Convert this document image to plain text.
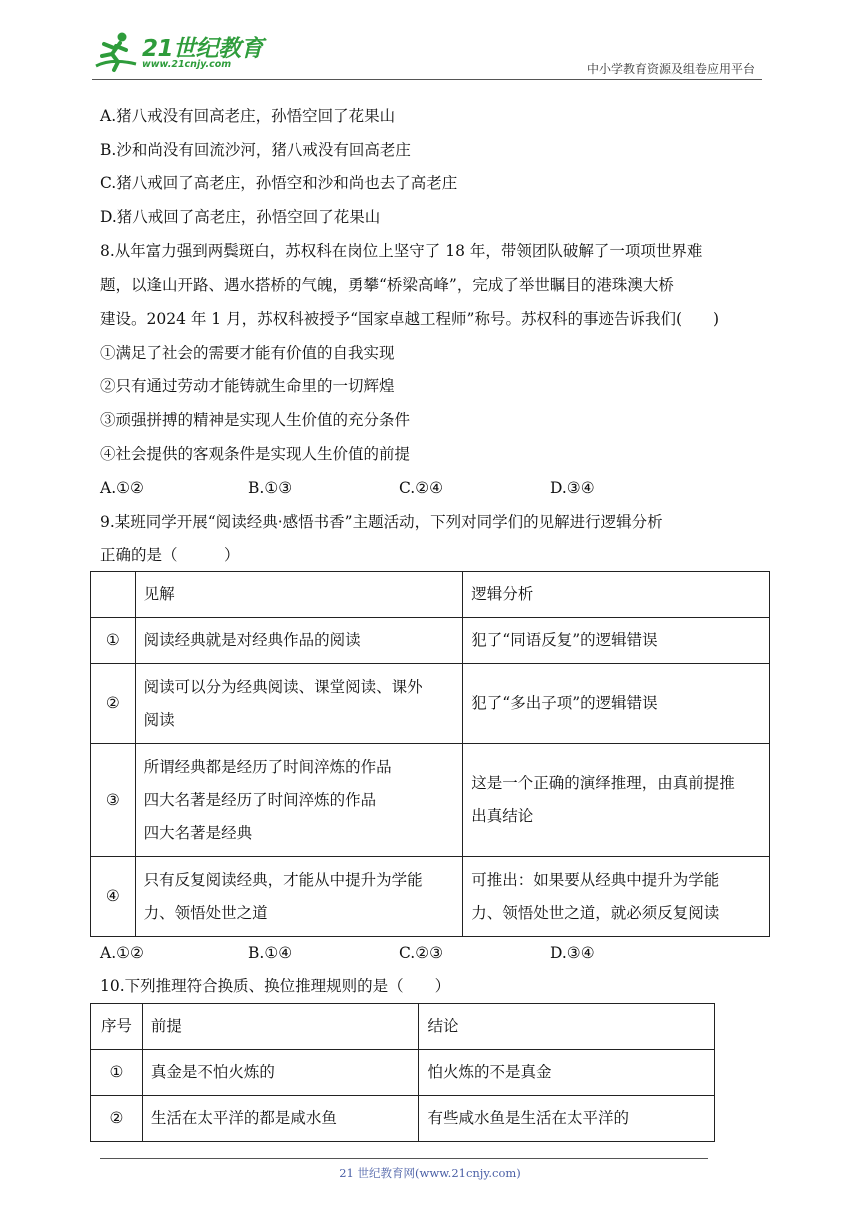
21世纪教育
www.21cnjy.com	中小学教育资源及组卷应用平台
A.猪八戒没有回高老庄，孙悟空回了花果山
B.沙和尚没有回流沙河，猪八戒没有回高老庄
C.猪八戒回了高老庄，孙悟空和沙和尚也去了高老庄
D.猪八戒回了高老庄，孙悟空回了花果山
8.从年富力强到两鬓斑白，苏权科在岗位上坚守了 18 年，带领团队破解了一项项世界难
题，以逢山开路、遇水搭桥的气魄，勇攀“桥梁高峰”，完成了举世瞩目的港珠澳大桥
建设。2024 年 1 月，苏权科被授予“国家卓越工程师”称号。苏权科的事迹告诉我们(　　)
①满足了社会的需要才能有价值的自我实现
②只有通过劳动才能铸就生命里的一切辉煌
③顽强拼搏的精神是实现人生价值的充分条件
④社会提供的客观条件是实现人生价值的前提
A.①②	B.①③	C.②④	D.③④
9.某班同学开展“阅读经典·感悟书香”主题活动，下列对同学们的见解进行逻辑分析
正确的是（　　　）
	见解	逻辑分析
①	阅读经典就是对经典作品的阅读	犯了“同语反复”的逻辑错误

②	阅读可以分为经典阅读、课堂阅读、课外
阅读	犯了“多出子项”的逻辑错误

③	所谓经典都是经历了时间淬炼的作品
四大名著是经历了时间淬炼的作品
四大名著是经典	这是一个正确的演绎推理，由真前提推
出真结论

④	只有反复阅读经典，才能从中提升为学能
力、领悟处世之道	可推出：如果要从经典中提升为学能
力、领悟处世之道，就必须反复阅读
A.①②	B.①④	C.②③	D.③④
10.下列推理符合换质、换位推理规则的是（　　）
序号	前提	结论
①	真金是不怕火炼的	怕火炼的不是真金
②	生活在太平洋的都是咸水鱼	有些咸水鱼是生活在太平洋的
21 世纪教育网(www.21cnjy.com)
